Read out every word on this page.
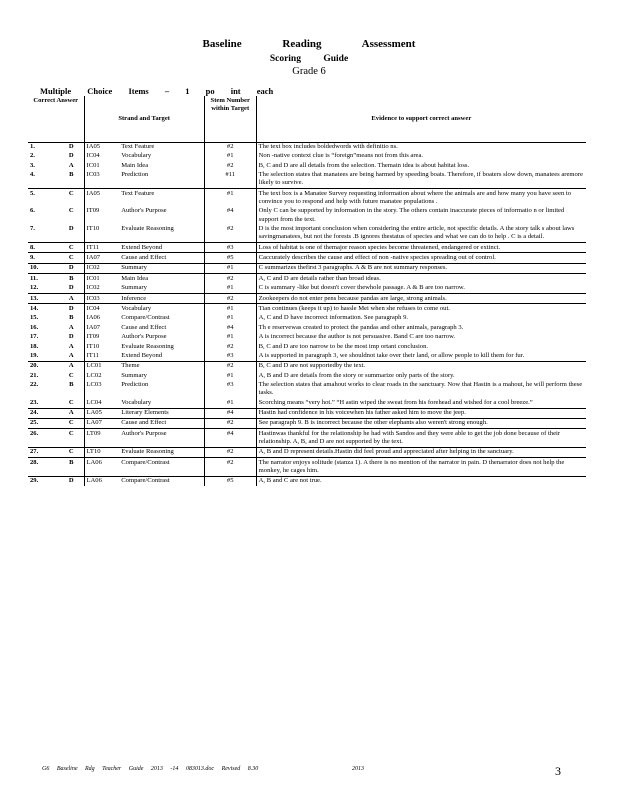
Baseline Reading Assessment
Scoring Guide
Grade 6
Multiple Choice Items – 1 po int each
Correct Answer		Strand and Target		Stem Number within Target	Evidence to support correct answer
1.	D	IA05	Text Feature	#2	The text box includes boldedwords with definitio ns.
2.	D	IC04	Vocabulary	#1	Non -native context clue is “foreign”means not from this area.
3.	A	IC01	Main Idea	#2	B, C and D are all details from the selection. Themain idea is about habitat loss.
4.	B	IC03	Prediction	#11	The selection states that manatees are being harmed by speeding boats. Therefore, if boaters slow down, manatees aremore likely to survive.
5.	C	IA05	Text Feature	#1	The text box is a Manatee Survey requesting information about where the animals are and how many you have seen to convince you to respond and help with future manatee populations .
6.	C	IT09	Author's Purpose	#4	Only C can be supported by information in the story. The others contain inaccurate pieces of informatio n or limited support from the text.
7.	D	IT10	Evaluate Reasoning	#2	D is the most important conclusion when considering the entire article, not specific details. A the story talk s about laws savingmanatees, but not the forests .B ignores thestatus of species and what we can do to help . C is a detail.
8.	C	IT11	Extend Beyond	#3	Loss of habitat is one of themajor reason species become threatened, endangered or extinct.
9.	C	IA07	Cause and Effect	#5	Caccurately describes the cause and effect of non -native species spreading out of control.
10.	D	IC02	Summary	#1	C summarizes thefirst 3 paragraphs. A & B are not summary responses.
11.	B	IC01	Main Idea	#2	A, C and D are details rather than broad ideas.
12.	D	IC02	Summary	#1	C is summary -like but doesn't cover thewhole passage. A & B are too narrow.
13.	A	IC03	Inference	#2	Zookeepers do not enter pens because pandas are large, strong animals.
14.	D	IC04	Vocabulary	#1	Tian continues (keeps it up) to hassle Mei when she refuses to come out.
15.	B	IA06	Compare/Contrast	#1	A, C and D have incorrect information. See paragraph 9.
16.	A	IA07	Cause and Effect	#4	Th e reservewas created to protect the pandas and other animals, paragraph 3.
17.	D	IT09	Author's Purpose	#1	A is incorrect because the author is not persuasive. Band C are too narrow.
18.	A	IT10	Evaluate Reasoning	#2	B, C and D are too narrow to be the most imp ortant conclusion.
19.	A	IT11	Extend Beyond	#3	A is supported in paragraph 3, we shouldnot take over their land, or allow people to kill them for fur.
20.	A	LC01	Theme	#2	B, C and D are not supportedby the text.
21.	C	LC02	Summary	#1	A, B and D are details from the story or summarize only parts of the story.
22.	B	LC03	Prediction	#3	The selection states that amahout works to clear roads in the sanctuary. Now that Hastin is a mahout, he will perform these tasks.
23.	C	LC04	Vocabulary	#1	Scorching means “very hot.” “H astin wiped the sweat from his forehead and wished for a cool breeze.”
24.	A	LA05	Literary Elements	#4	Hastin had confidence in his voicewhen his father asked him to move the jeep.
25.	C	LA07	Cause and Effect	#2	See paragraph 9. B is incorrect because the other elephants also weren't strong enough.
26.	C	LT09	Author's Purpose	#4	Hastinwas thankful for the relationship he had with Sandos and they were able to get the job done because of their relationship. A, B, and D are not supported by the text.
27.	C	LT10	Evaluate Reasoning	#2	A, B and D represent details.Hastin did feel proud and appreciated after helping in the sanctuary.
28.	B	LA06	Compare/Contrast	#2	The narrator enjoys solitude (stanza 1). A there is no mention of the narrator in pain. D thenarrator does not help the monkey, he cages him.
29.	D	LA06	Compare/Contrast	#5	A, B and C are not true.
G6 Baseline Rdg Teacher Guide 2013 -14 083013.doc Revised 8.30	2013	3
